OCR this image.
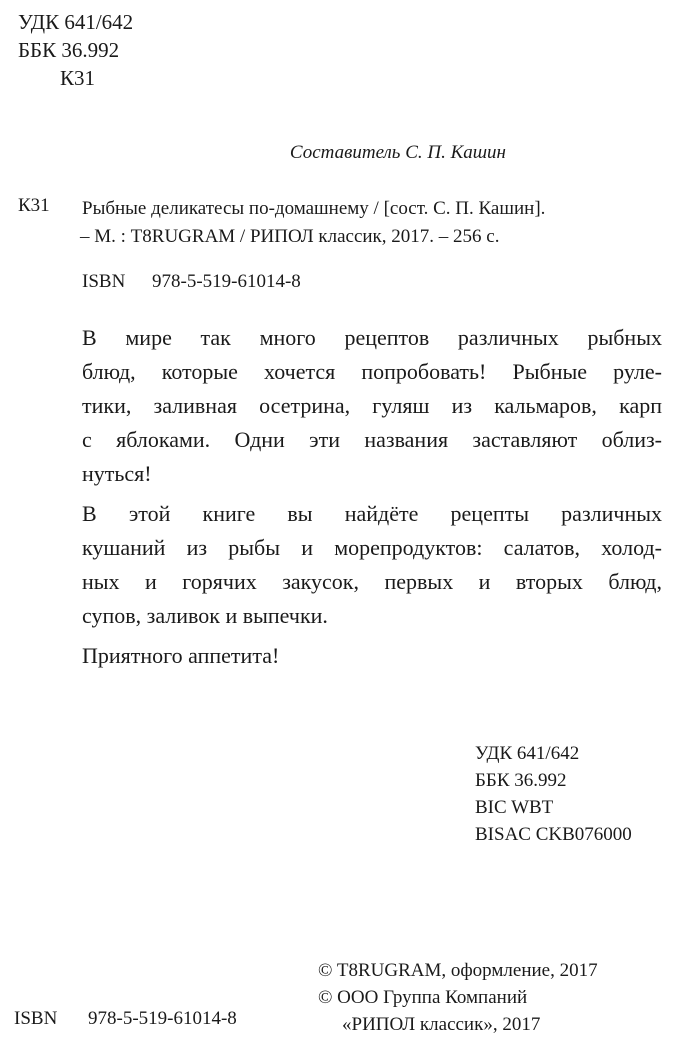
УДК 641/642
ББК 36.992
К31
Составитель С. П. Кашин
К31 Рыбные деликатесы по-домашнему / [сост. С. П. Кашин].
– М. : T8RUGRAM / РИПОЛ классик, 2017. – 256 с.
ISBN 978-5-519-61014-8

В мире так много рецептов различных рыбных
блюд, которые хочется попробовать! Рыбные руле-
тики, заливная осетрина, гуляш из кальмаров, карп
с яблоками. Одни эти названия заставляют облиз-
нуться!

В этой книге вы найдёте рецепты различных
кушаний из рыбы и морепродуктов: салатов, холод-
ных и горячих закусок, первых и вторых блюд,
супов, заливок и выпечки.

Приятного аппетита!

УДК 641/642
ББК 36.992
BIC WBT
BISAC CKB076000
© T8RUGRAM, оформление, 2017
© ООО Группа Компаний
«РИПОЛ классик», 2017
ISBN 978-5-519-61014-8
